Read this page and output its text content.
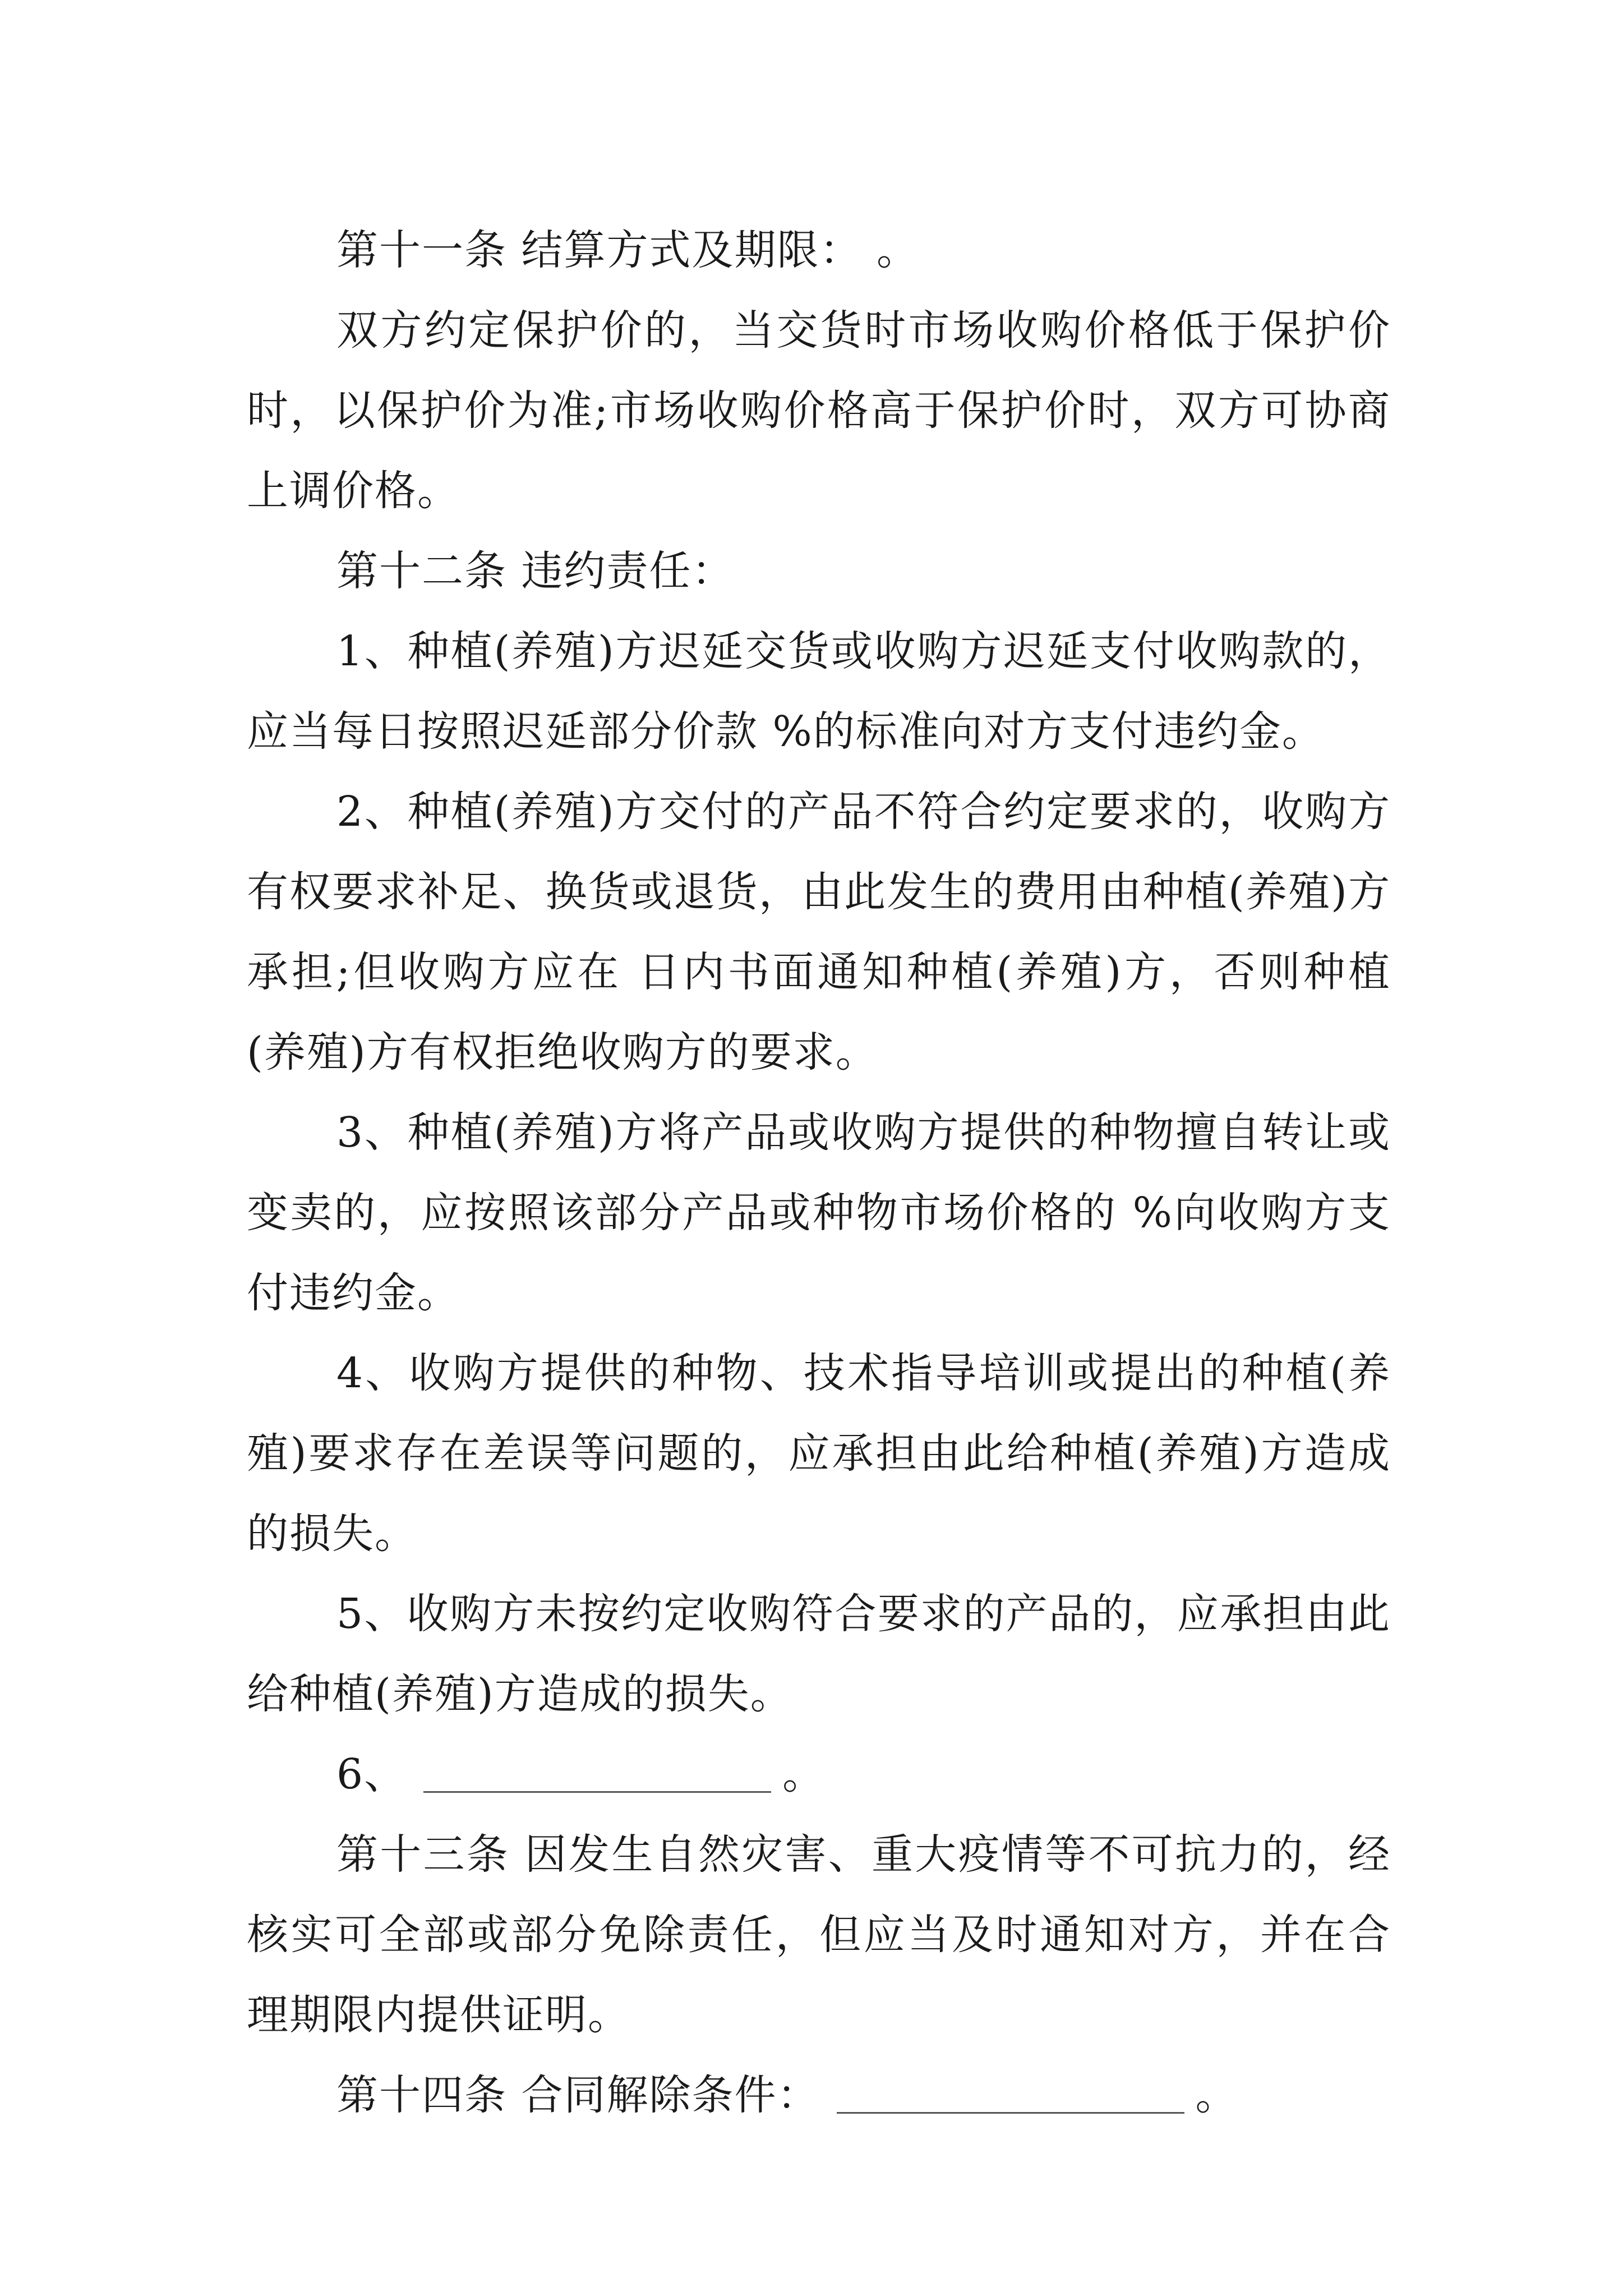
第十一条 结算方式及期限： 。

双方约定保护价的，当交货时市场收购价格低于保护价时，以保护价为准;市场收购价格高于保护价时，双方可协商上调价格。

第十二条 违约责任：

1、种植(养殖)方迟延交货或收购方迟延支付收购款的，应当每日按照迟延部分价款 %的标准向对方支付违约金。

2、种植(养殖)方交付的产品不符合约定要求的，收购方有权要求补足、换货或退货，由此发生的费用由种植(养殖)方承担;但收购方应在 日内书面通知种植(养殖)方，否则种植(养殖)方有权拒绝收购方的要求。

3、种植(养殖)方将产品或收购方提供的种物擅自转让或变卖的，应按照该部分产品或种物市场价格的 %向收购方支付违约金。

4、收购方提供的种物、技术指导培训或提出的种植(养殖)要求存在差误等问题的，应承担由此给种植(养殖)方造成的损失。

5、收购方未按约定收购符合要求的产品的，应承担由此给种植(养殖)方造成的损失。

6、	。

第十三条 因发生自然灾害、重大疫情等不可抗力的，经核实可全部或部分免除责任，但应当及时通知对方，并在合理期限内提供证明。

第十四条 合同解除条件：	。
